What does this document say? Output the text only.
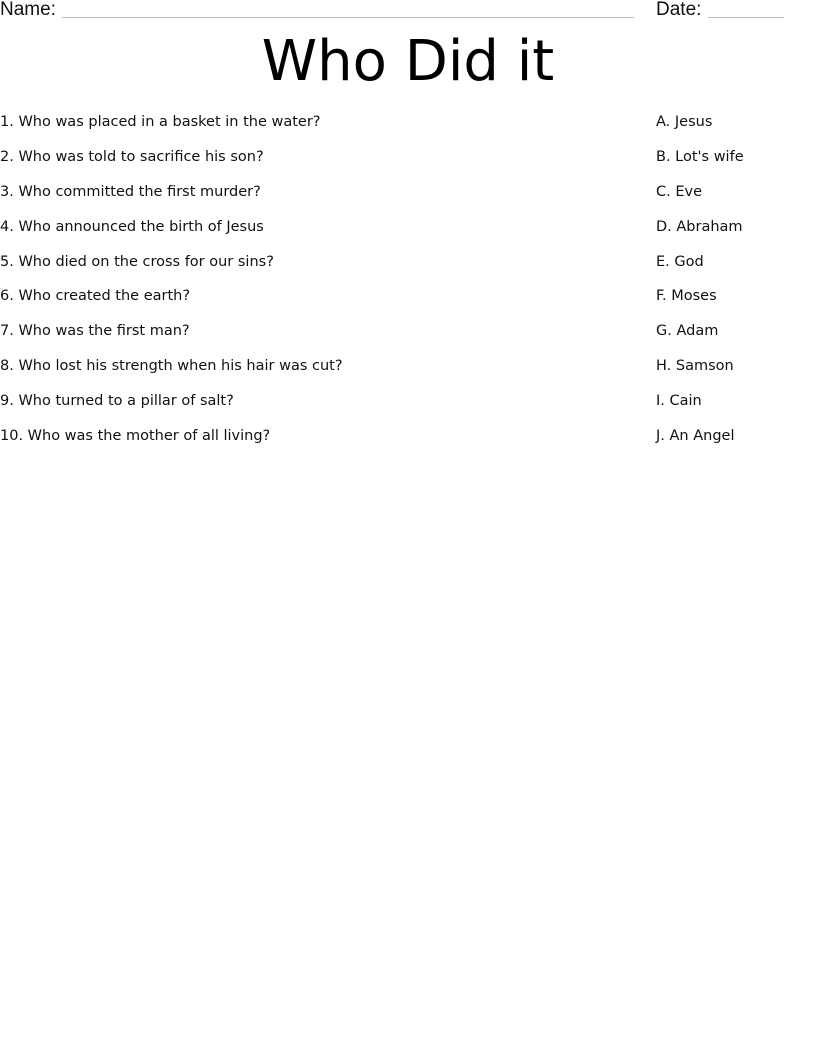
Name:	Date:
Who Did it
1. Who was placed in a basket in the water?
2. Who was told to sacrifice his son?
3. Who committed the first murder?
4. Who announced the birth of Jesus
5. Who died on the cross for our sins?
6. Who created the earth?
7. Who was the first man?
8. Who lost his strength when his hair was cut?
9. Who turned to a pillar of salt?
10. Who was the mother of all living?
A. Jesus
B. Lot's wife
C. Eve
D. Abraham
E. God
F. Moses
G. Adam
H. Samson
I. Cain
J. An Angel
